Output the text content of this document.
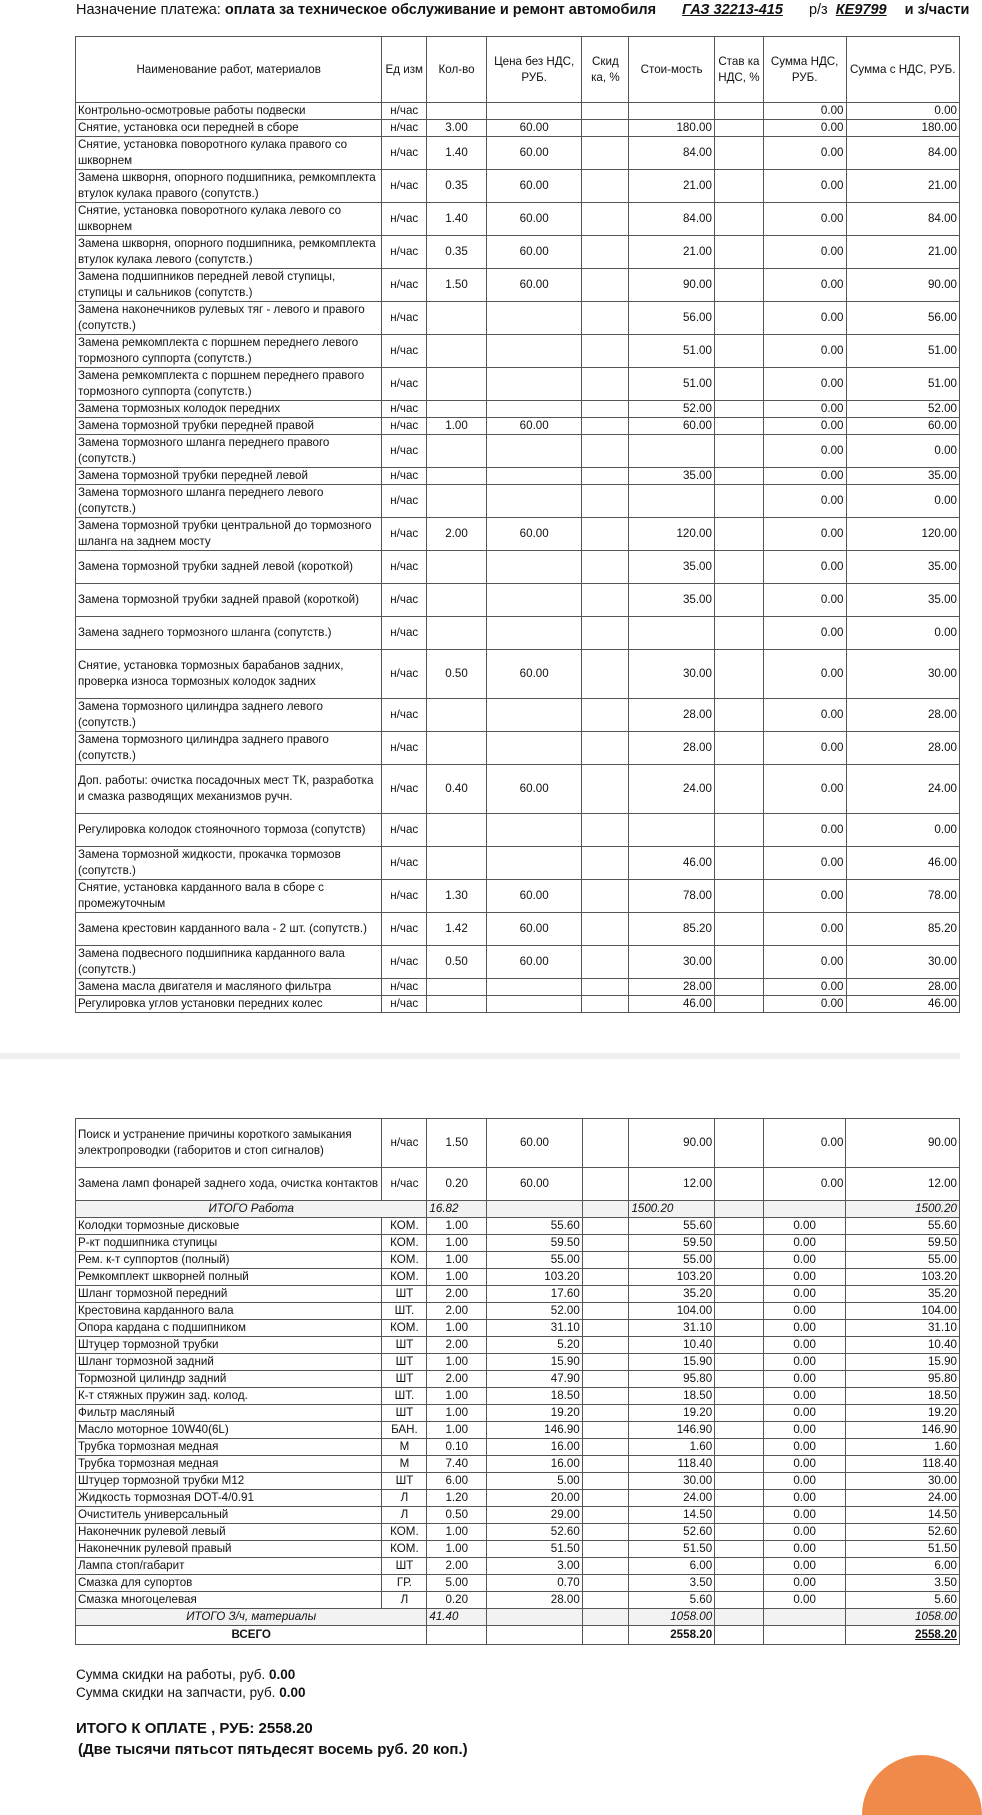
Назначение платежа: оплата за техническое обслуживание и ремонт автомобиля ГАЗ 32213-415 р/з КЕ9799 и з/части
Наименование работ, материалов	Ед изм	Кол-во	Цена без НДС, РУБ.	Скид ка, %	Стои-мость	Став ка НДС, %	Сумма НДС, РУБ.	Сумма с НДС, РУБ.
Контрольно-осмотровые работы подвески	н/час						0.00	0.00
Снятие, установка оси передней в сборе	н/час	3.00	60.00		180.00		0.00	180.00
Снятие, установка поворотного кулака правого со шкворнем	н/час	1.40	60.00		84.00		0.00	84.00
Замена шкворня, опорного подшипника, ремкомплекта втулок кулака правого (сопутств.)	н/час	0.35	60.00		21.00		0.00	21.00
Снятие, установка поворотного кулака левого со шкворнем	н/час	1.40	60.00		84.00		0.00	84.00
Замена шкворня, опорного подшипника, ремкомплекта втулок кулака левого (сопутств.)	н/час	0.35	60.00		21.00		0.00	21.00
Замена подшипников передней левой ступицы, ступицы и сальников (сопутств.)	н/час	1.50	60.00		90.00		0.00	90.00
Замена наконечников рулевых тяг - левого и правого (сопутств.)	н/час				56.00		0.00	56.00
Замена ремкомплекта с поршнем переднего левого тормозного суппорта (сопутств.)	н/час				51.00		0.00	51.00
Замена ремкомплекта с поршнем переднего правого тормозного суппорта (сопутств.)	н/час				51.00		0.00	51.00
Замена тормозных колодок передних	н/час				52.00		0.00	52.00
Замена тормозной трубки передней правой	н/час	1.00	60.00		60.00		0.00	60.00
Замена тормозного шланга переднего правого (сопутств.)	н/час						0.00	0.00
Замена тормозной трубки передней левой	н/час				35.00		0.00	35.00
Замена тормозного шланга переднего левого (сопутств.)	н/час						0.00	0.00
Замена тормозной трубки центральной до тормозного шланга на заднем мосту	н/час	2.00	60.00		120.00		0.00	120.00
Замена тормозной трубки задней левой (короткой)	н/час				35.00		0.00	35.00
Замена тормозной трубки задней правой (короткой)	н/час				35.00		0.00	35.00
Замена заднего тормозного шланга (сопутств.)	н/час						0.00	0.00
Снятие, установка тормозных барабанов задних, проверка износа тормозных колодок задних	н/час	0.50	60.00		30.00		0.00	30.00
Замена тормозного цилиндра заднего левого (сопутств.)	н/час				28.00		0.00	28.00
Замена тормозного цилиндра заднего правого (сопутств.)	н/час				28.00		0.00	28.00
Доп. работы: очистка посадочных мест ТК, разработка и смазка разводящих механизмов ручн.	н/час	0.40	60.00		24.00		0.00	24.00
Регулировка колодок стояночного тормоза (сопутств)	н/час						0.00	0.00
Замена тормозной жидкости, прокачка тормозов (сопутств.)	н/час				46.00		0.00	46.00
Снятие, установка карданного вала в сборе с промежуточным	н/час	1.30	60.00		78.00		0.00	78.00
Замена крестовин карданного вала - 2 шт. (сопутств.)	н/час	1.42	60.00		85.20		0.00	85.20
Замена подвесного подшипника карданного вала (сопутств.)	н/час	0.50	60.00		30.00		0.00	30.00
Замена масла двигателя и масляного фильтра	н/час				28.00		0.00	28.00
Регулировка углов установки передних колес	н/час				46.00		0.00	46.00
Поиск и устранение причины короткого замыкания электропроводки (габоритов и стоп сигналов)	н/час	1.50	60.00		90.00		0.00	90.00
Замена ламп фонарей заднего хода, очистка контактов	н/час	0.20	60.00		12.00		0.00	12.00
ИТОГО Работа		16.82			1500.20			1500.20
Колодки тормозные дисковые	КОМ.	1.00	55.60		55.60		0.00	55.60
Р-кт подшипника ступицы	КОМ.	1.00	59.50		59.50		0.00	59.50
Рем. к-т суппортов (полный)	КОМ.	1.00	55.00		55.00		0.00	55.00
Ремкомплект шкворней полный	КОМ.	1.00	103.20		103.20		0.00	103.20
Шланг тормозной передний	ШТ	2.00	17.60		35.20		0.00	35.20
Крестовина карданного вала	ШТ.	2.00	52.00		104.00		0.00	104.00
Опора кардана с подшипником	КОМ.	1.00	31.10		31.10		0.00	31.10
Штуцер тормозной трубки	ШТ	2.00	5.20		10.40		0.00	10.40
Шланг тормозной задний	ШТ	1.00	15.90		15.90		0.00	15.90
Тормозной цилиндр задний	ШТ	2.00	47.90		95.80		0.00	95.80
К-т стяжных пружин зад. колод.	ШТ.	1.00	18.50		18.50		0.00	18.50
Фильтр масляный	ШТ	1.00	19.20		19.20		0.00	19.20
Масло моторное 10W40(6L)	БАН.	1.00	146.90		146.90		0.00	146.90
Трубка тормозная медная	М	0.10	16.00		1.60		0.00	1.60
Трубка тормозная медная	М	7.40	16.00		118.40		0.00	118.40
Штуцер тормозной трубки М12	ШТ	6.00	5.00		30.00		0.00	30.00
Жидкость тормозная DOT-4/0.91	Л	1.20	20.00		24.00		0.00	24.00
Очиститель универсальный	Л	0.50	29.00		14.50		0.00	14.50
Наконечник рулевой левый	КОМ.	1.00	52.60		52.60		0.00	52.60
Наконечник рулевой правый	КОМ.	1.00	51.50		51.50		0.00	51.50
Лампа стоп/габарит	ШТ	2.00	3.00		6.00		0.00	6.00
Смазка для супортов	ГР.	5.00	0.70		3.50		0.00	3.50
Смазка многоцелевая	Л	0.20	28.00		5.60		0.00	5.60
ИТОГО З/ч, материалы		41.40			1058.00			1058.00
ВСЕГО					2558.20			2558.20
Сумма скидки на работы, руб. 0.00
Сумма скидки на запчасти, руб. 0.00
ИТОГО К ОПЛАТЕ , РУБ: 2558.20
(Две тысячи пятьсот пятьдесят восемь руб. 20 коп.)
